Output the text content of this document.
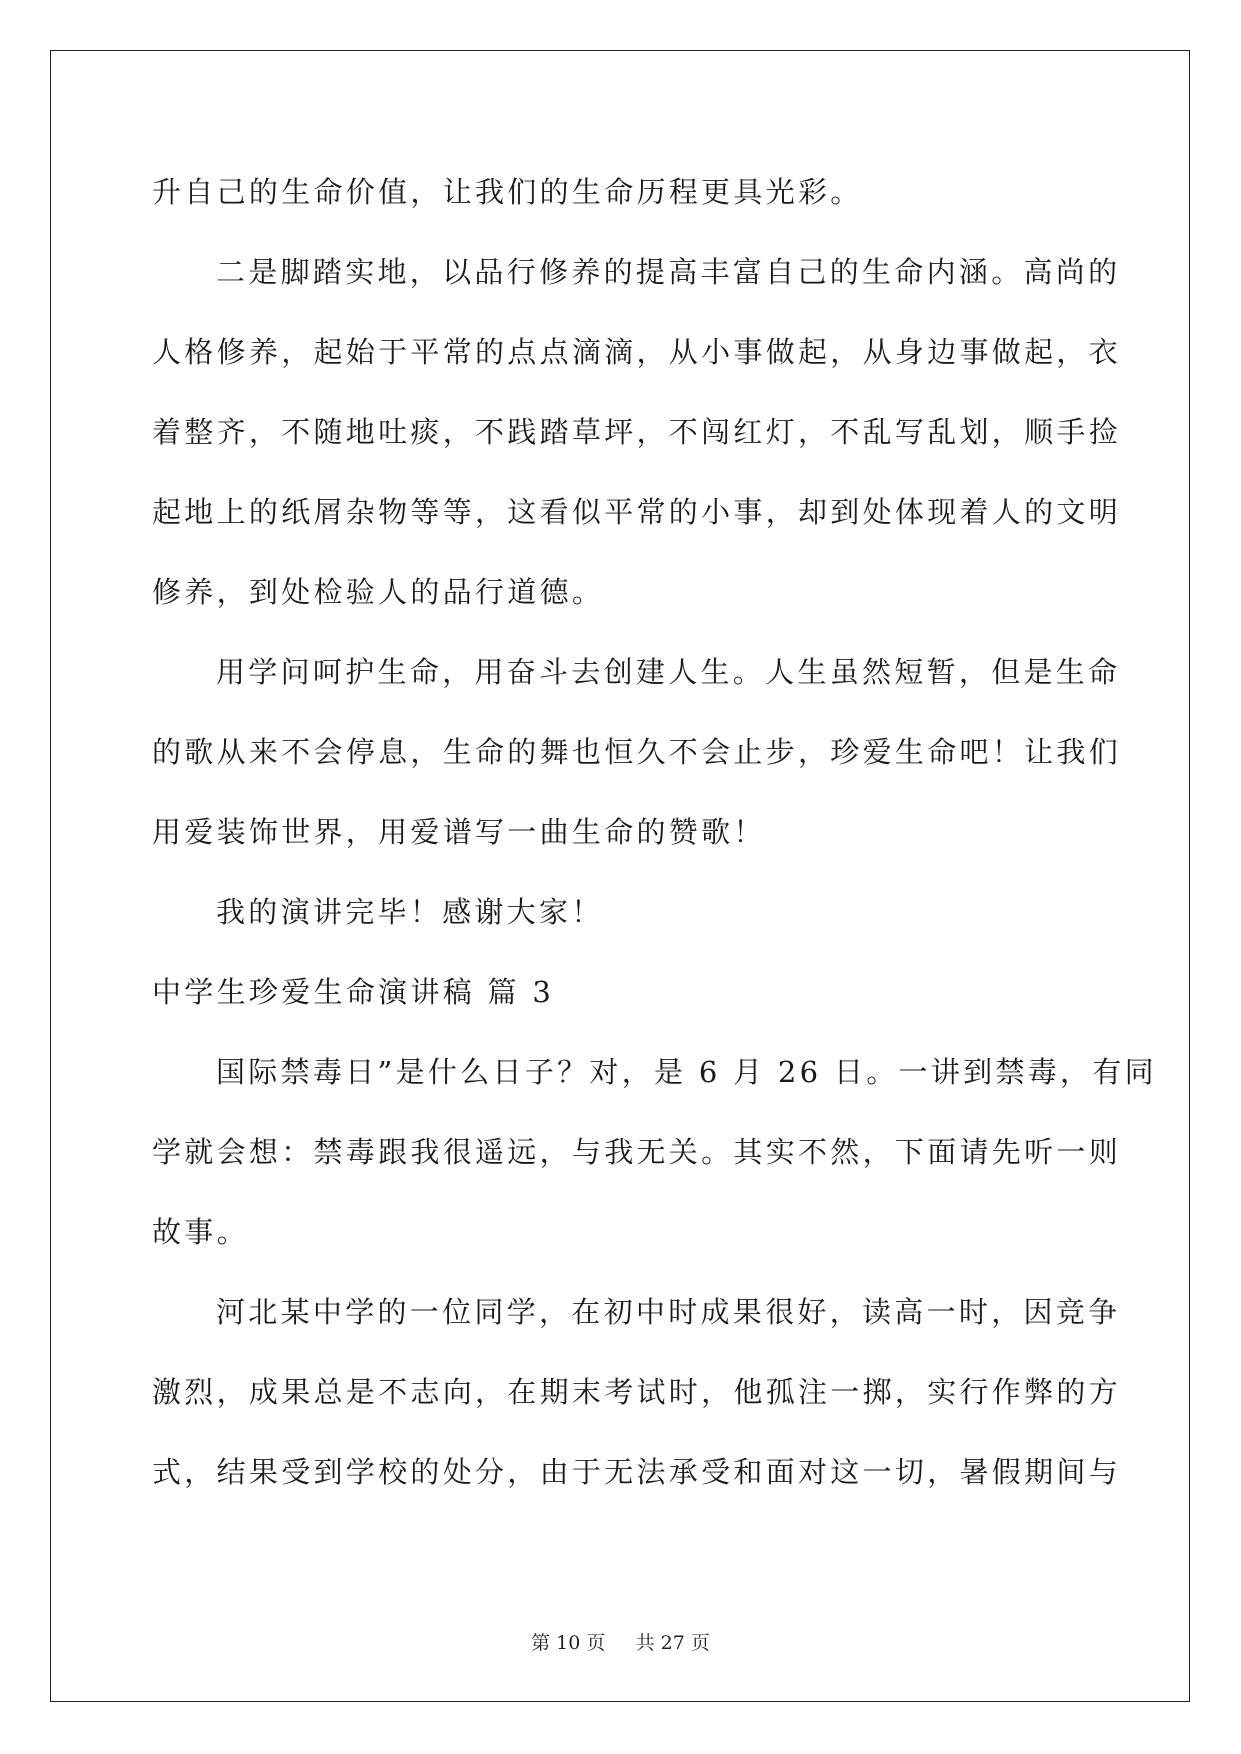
升自己的生命价值，让我们的生命历程更具光彩。
二是脚踏实地，以品行修养的提高丰富自己的生命内涵。高尚的
人格修养，起始于平常的点点滴滴，从小事做起，从身边事做起，衣
着整齐，不随地吐痰，不践踏草坪，不闯红灯，不乱写乱划，顺手捡
起地上的纸屑杂物等等，这看似平常的小事，却到处体现着人的文明
修养，到处检验人的品行道德。
用学问呵护生命，用奋斗去创建人生。人生虽然短暂，但是生命
的歌从来不会停息，生命的舞也恒久不会止步，珍爱生命吧！让我们
用爱装饰世界，用爱谱写一曲生命的赞歌！
我的演讲完毕！感谢大家！
中学生珍爱生命演讲稿 篇 3
国际禁毒日”是什么日子？对，是 6 月 26 日。一讲到禁毒，有同
学就会想：禁毒跟我很遥远，与我无关。其实不然，下面请先听一则
故事。
河北某中学的一位同学，在初中时成果很好，读高一时，因竞争
激烈，成果总是不志向，在期末考试时，他孤注一掷，实行作弊的方
式，结果受到学校的处分，由于无法承受和面对这一切，暑假期间与
第 10 页 共 27 页
